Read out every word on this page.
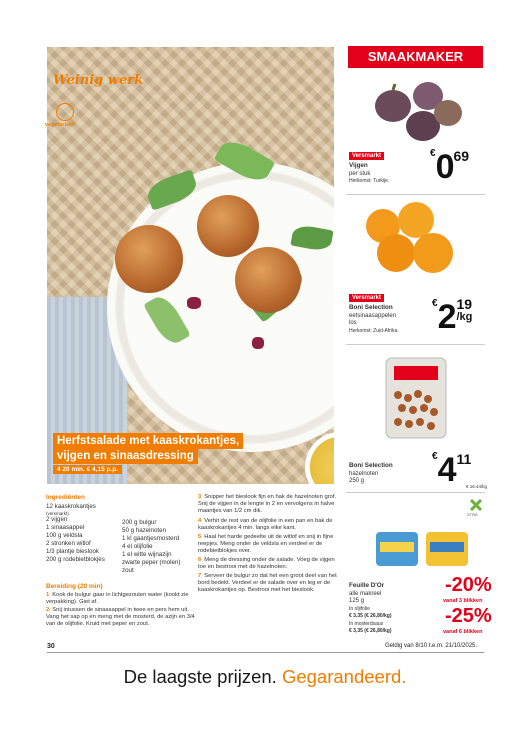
Weinig werk
vegetarisch
Herfstsalade met kaaskrokantjes,
vijgen en sinaasdressing
4 20 min. € 4,15 p.p.
Ingrediënten
12 kaaskrokantjes
(versmarkt)
2 vijgen
1 sinaasappel
100 g veldsla
2 stronken witlof
1/3 plantje bieslook
200 g rodebietblokjes
200 g bulgur
50 g hazelnoten
1 kl gaantjesmosterd
4 el olijfolie
1 el witte wijnazijn
zwarte peper (molen)
zout
Bereiding (20 min)
1 Kook de bulgur gaar in lichtgezouten water (kookt zie verpakking). Giet af.
2 Snij intussen de sinaasappel in twee en pers hem uit. Vang het sap op en meng met de mosterd, de azijn en 3/4 van de olijfolie. Kruid met peper en zout.
3 Snipper het bieslook fijn en hak de hazelnoten grof. Snij de vijgen in de lengte in 2 en vervolgens in halve maantjes van 1/2 cm dik.
4 Verhit de rest van de olijfolie in een pan en bak de kaaskrokantjes 4 min. langs elke kant.
5 Haal het harde gedeelte uit de witlof en snij in fijne reepjes. Meng onder de veldsla en verdeel er de rodebietblokjes over.
6 Meng de dressing onder de salade. Voeg de vijgen toe en bestrooi met de hazelnoten.
7 Serveer de bulgur zo dat het een groot deel van het bord bedekt. Verdeel er de salade over en leg er de kaaskrokantjes op. Bestrooi met het bieslook.
SMAAKMAKER
Versmarkt
Vijgen
per stuk
Herkomst: Turkije.
€069
Versmarkt
Boni Selection
eetsinaasappelen
los
Herkomst: Zuid-Afrika.
€2 19
/kg
Boni Selection
hazelnoten
250 g
€411
€ 16,44/kg
XTRA
Feuille D'Or
alle makreel
125 g
In olijfolie
€ 3,35 (€ 26,80/kg)
In mosterdsaus
€ 3,35 (€ 26,80/kg)
-20%
vanaf 3 blikken
-25%
vanaf 6 blikken
30	Geldig van 8/10 t.e.m. 21/10/2025.
De laagste prijzen. Gegarandeerd.
